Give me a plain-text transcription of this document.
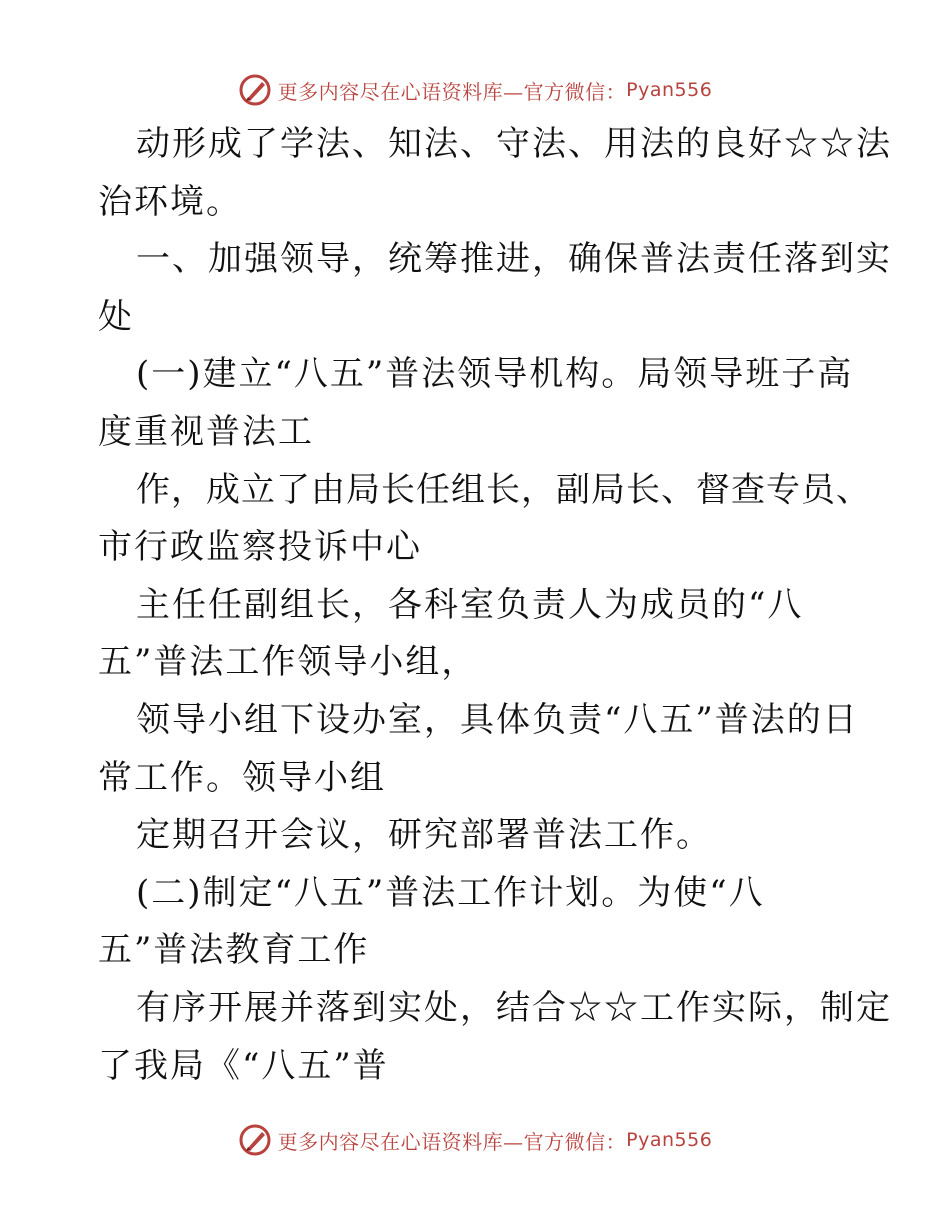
更多内容尽在心语资料库—官方微信： Pyan556
动形成了学法、知法、守法、用法的良好☆☆法
治环境。
一、加强领导，统筹推进，确保普法责任落到实
处
(一)建立“八五”普法领导机构。局领导班子高
度重视普法工
作，成立了由局长任组长，副局长、督查专员、
市行政监察投诉中心
主任任副组长，各科室负责人为成员的“八
五”普法工作领导小组，
领导小组下设办室，具体负责“八五”普法的日
常工作。领导小组
定期召开会议，研究部署普法工作。
(二)制定“八五”普法工作计划。为使“八
五”普法教育工作
有序开展并落到实处，结合☆☆工作实际，制定
了我局《“八五”普
更多内容尽在心语资料库—官方微信： Pyan556
